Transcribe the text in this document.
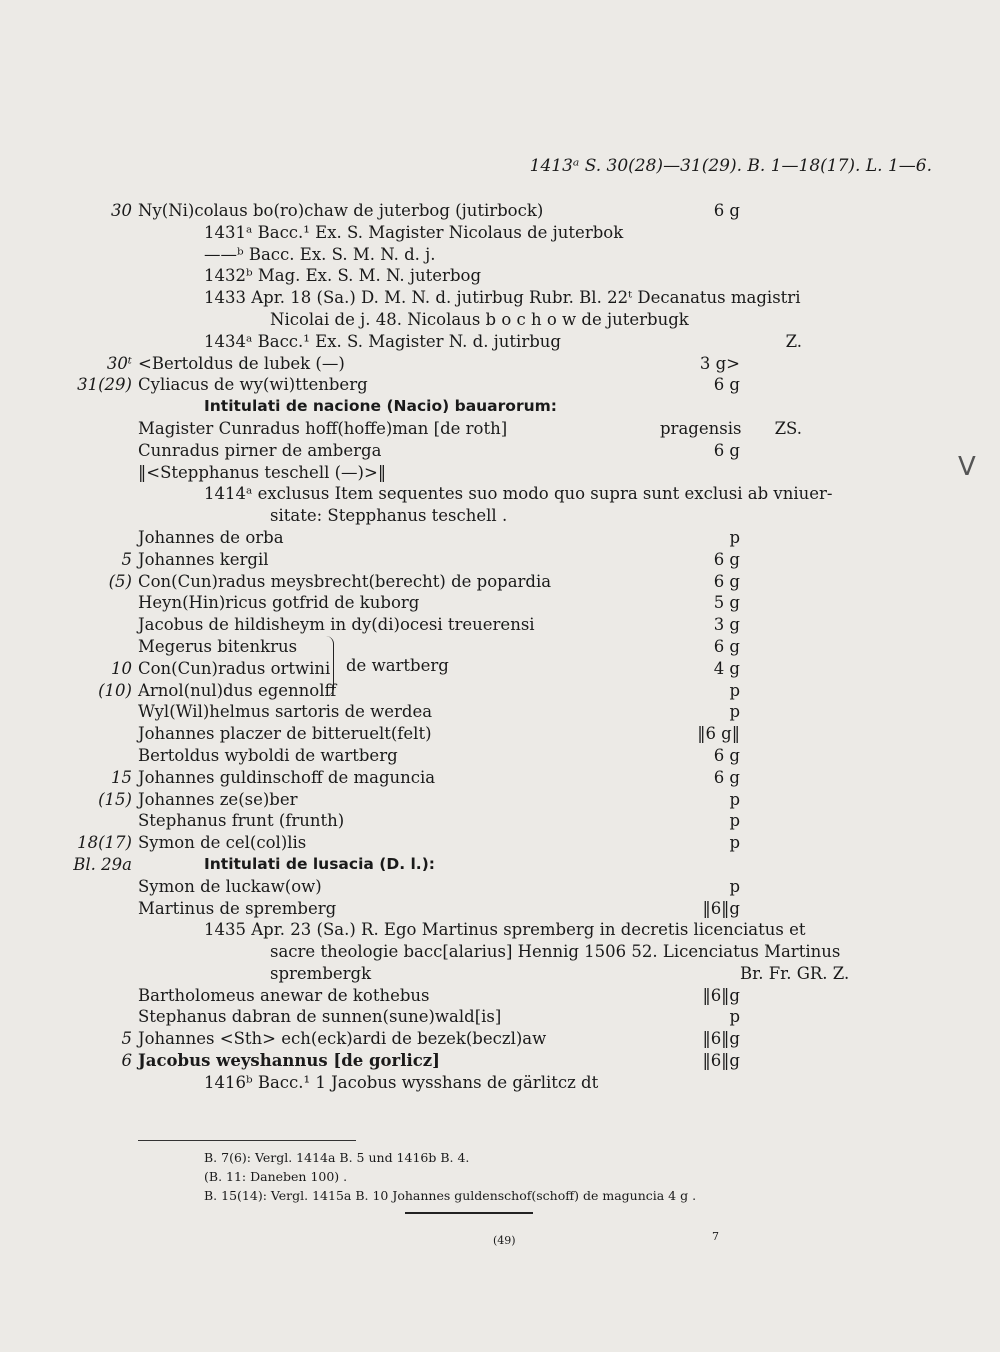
1413ᵃ S. 30(28)—31(29). B. 1—18(17). L. 1—6.
V
30 Ny(Ni)colaus bo(ro)chaw de juterbog (jutirbock)	6 g
1431ᵃ Bacc.¹ Ex. S. Magister Nicolaus de juterbok
——ᵇ Bacc. Ex. S. M. N. d. j.
1432ᵇ Mag. Ex. S. M. N. juterbog
1433 Apr. 18 (Sa.) D. M. N. d. jutirbug Rubr. Bl. 22ᵗ Decanatus magistri
Nicolai de j. 48. Nicolaus b o c h o w de juterbugk
1434ᵃ Bacc.¹ Ex. S. Magister N. d. jutirbug	Z.
30ᵗ <Bertoldus de lubek (—)	3 g>
31(29) Cyliacus de wy(wi)ttenberg	6 g
Intitulati de nacione (Nacio) bauarorum:
Magister Cunradus hoff(hoffe)man [de roth]	pragensis	ZS.
Cunradus pirner de amberga	6 g
‖<Stepphanus teschell (—)>‖
1414ᵃ exclusus Item sequentes suo modo quo supra sunt exclusi ab vniuer-
sitate: Stepphanus teschell .
Johannes de orba	p
5 Johannes kergil	6 g
(5) Con(Cun)radus meysbrecht(berecht) de popardia	6 g
Heyn(Hin)ricus gotfrid de kuborg	5 g
Jacobus de hildisheym in dy(di)ocesi treuerensi	3 g
Megerus bitenkrus	6 g
de wartberg
10 Con(Cun)radus ortwini	4 g
(10) Arnol(nul)dus egennolff	p
Wyl(Wil)helmus sartoris de werdea	p
Johannes placzer de bitteruelt(felt)	‖6 g‖
Bertoldus wyboldi de wartberg	6 g
15 Johannes guldinschoff de maguncia	6 g
(15) Johannes ze(se)ber	p
Stephanus frunt (frunth)	p
18(17) Symon de cel(col)lis	p
Bl. 29a	Intitulati de lusacia (D. l.):
Symon de luckaw(ow)	p
Martinus de spremberg	‖6‖g
1435 Apr. 23 (Sa.) R. Ego Martinus spremberg in decretis licenciatus et
sacre theologie bacc[alarius] Hennig 1506 52. Licenciatus Martinus
sprembergk	Br. Fr. GR. Z.
Bartholomeus anewar de kothebus	‖6‖g
Stephanus dabran de sunnen(sune)wald[is]	p
5 Johannes <Sth> ech(eck)ardi de bezek(beczl)aw	‖6‖g
6 Jacobus weyshannus [de gorlicz]	‖6‖g
1416ᵇ Bacc.¹ 1 Jacobus wysshans de gärlitcz dt
B. 7(6): Vergl. 1414a B. 5 und 1416b B. 4.
(B. 11: Daneben 100) .
B. 15(14): Vergl. 1415a B. 10 Johannes guldenschof(schoff) de maguncia 4 g .
(49)	7
